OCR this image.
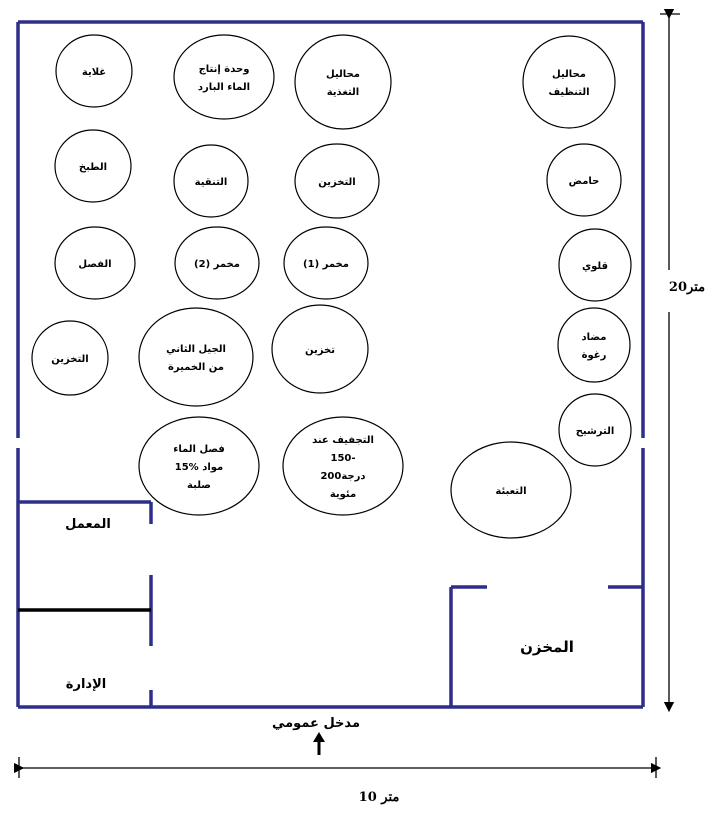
غلاية	وحدة إنتاج
الماء البارد
محاليل
التغذية
محاليل
التنظيف
الطبخ
التنقية	التخزين	حامض
الفصل	مخمر (2)	مخمر (1)	قلوي
التخزين
الجيل الثاني
من الخميرة
تخزين
مضاد
رغوة
الترشيح
فصل الماء
15% مواد
صلبة
التجفيف عند
150-
200درجة
مئوية	التعبئة
المعمل
الإدارة
المخزن
مدخل عمومي
20متر
10 متر
